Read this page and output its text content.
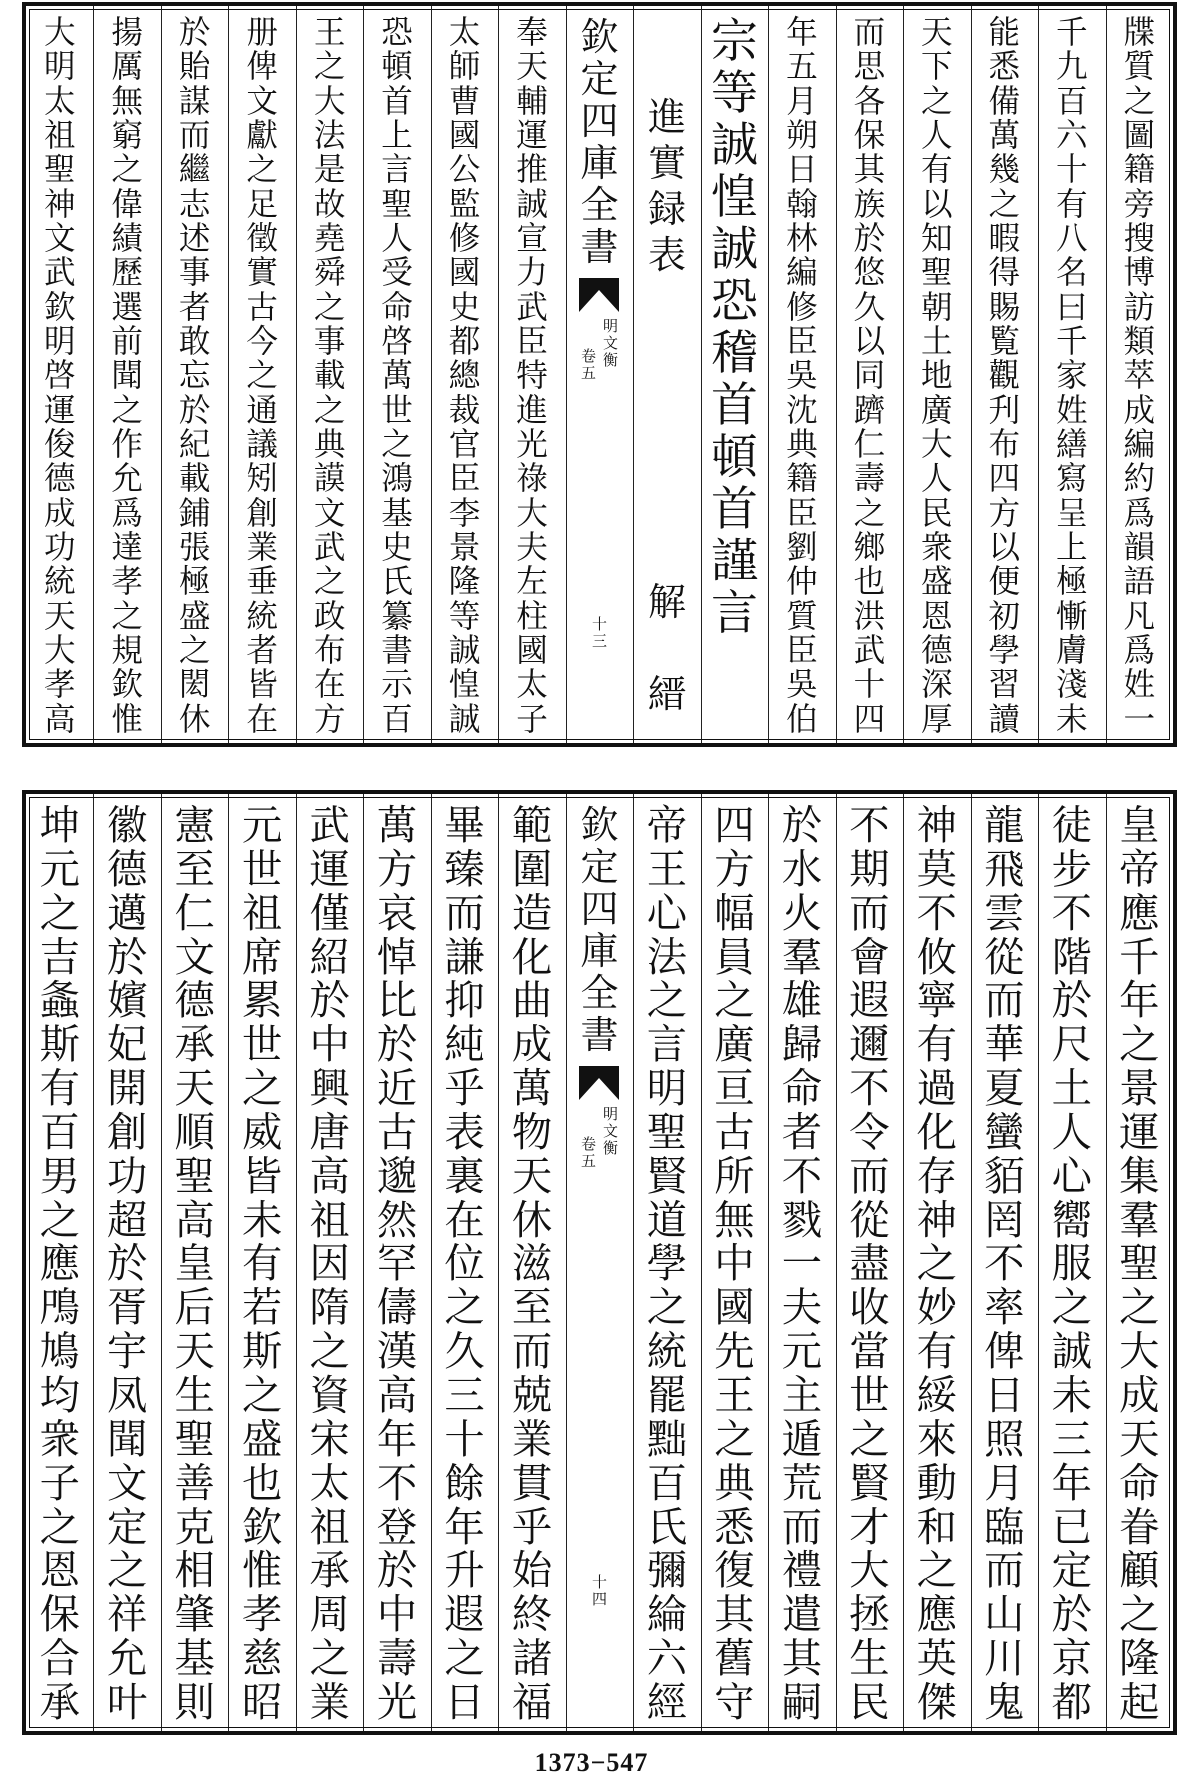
大
明
太
祖
聖
神
文
武
欽
明
啓
運
俊
德
成
功
統
天
大
孝
高
揚
厲
無
窮
之
偉
績
歷
選
前
聞
之
作
允
爲
達
孝
之
規
欽
惟
於
貽
謀
而
繼
志
述
事
者
敢
忘
於
紀
載
鋪
張
極
盛
之
閎
休
册
俾
文
獻
之
足
徵
實
古
今
之
通
議
矧
創
業
垂
統
者
皆
在
王
之
大
法
是
故
堯
舜
之
事
載
之
典
謨
文
武
之
政
布
在
方
恐
頓
首
上
言
聖
人
受
命
啓
萬
世
之
鴻
基
史
氏
纂
書
示
百
太
師
曹
國
公
監
修
國
史
都
總
裁
官
臣
李
景
隆
等
誠
惶
誠
奉
天
輔
運
推
誠
宣
力
武
臣
特
進
光
祿
大
夫
左
柱
國
太
子
欽
定
四
庫
全
書
明
文
衡
卷
五
十
三
進
實
録
表
解

縉
宗
等
誠
惶
誠
恐
稽
首
頓
首
謹
言
年
五
月
朔
日
翰
林
編
修
臣
吳
沈
典
籍
臣
劉
仲
質
臣
吳
伯
而
思
各
保
其
族
於
悠
久
以
同
躋
仁
壽
之
鄉
也
洪
武
十
四
天
下
之
人
有
以
知
聖
朝
土
地
廣
大
人
民
衆
盛
恩
德
深
厚
能
悉
備
萬
幾
之
暇
得
賜
覧
觀
刋
布
四
方
以
便
初
學
習
讀
千
九
百
六
十
有
八
名
曰
千
家
姓
繕
寫
呈
上
極
慚
膚
淺
未
牒
質
之
圖
籍
旁
搜
博
訪
類
萃
成
編
約
爲
韻
語
凡
爲
姓
一
坤
元
之
吉
螽
斯
有
百
男
之
應
鳲
鳩
均
衆
子
之
恩
保
合
承
徽
德
邁
於
嬪
妃
開
創
功
超
於
胥
宇
凤
聞
文
定
之
祥
允
叶
憲
至
仁
文
德
承
天
順
聖
高
皇
后
天
生
聖
善
克
相
肇
基
則
元
世
祖
席
累
世
之
威
皆
未
有
若
斯
之
盛
也
欽
惟
孝
慈
昭
武
運
僅
紹
於
中
興
唐
高
祖
因
隋
之
資
宋
太
祖
承
周
之
業
萬
方
哀
悼
比
於
近
古
邈
然
罕
儔
漢
高
年
不
登
於
中
壽
光
畢
臻
而
謙
抑
純
乎
表
裏
在
位
之
久
三
十
餘
年
升
遐
之
日
範
圍
造
化
曲
成
萬
物
天
休
滋
至
而
兢
業
貫
乎
始
終
諸
福
欽
定
四
庫
全
書
明
文
衡
卷
五
十
四
帝
王
心
法
之
言
明
聖
賢
道
學
之
統
罷
黜
百
氏
彌
綸
六
經
四
方
幅
員
之
廣
亘
古
所
無
中
國
先
王
之
典
悉
復
其
舊
守
於
水
火
羣
雄
歸
命
者
不
戮
一
夫
元
主
遁
荒
而
禮
遣
其
嗣
不
期
而
會
遐
邇
不
令
而
從
盡
收
當
世
之
賢
才
大
拯
生
民
神
莫
不
攸
寧
有
過
化
存
神
之
妙
有
綏
來
動
和
之
應
英
傑
龍
飛
雲
從
而
華
夏
蠻
貊
罔
不
率
俾
日
照
月
臨
而
山
川
鬼
徒
步
不
階
於
尺
土
人
心
嚮
服
之
誠
未
三
年
已
定
於
京
都
皇
帝
應
千
年
之
景
運
集
羣
聖
之
大
成
天
命
眷
顧
之
隆
起
1373−547
